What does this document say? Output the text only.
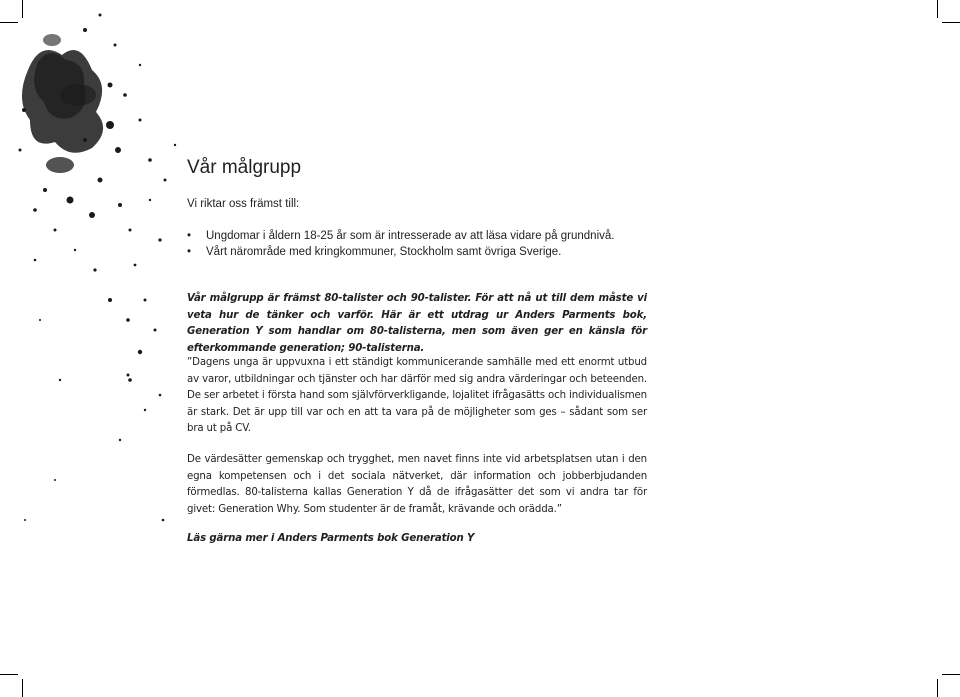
Vår målgrupp
Vi riktar oss främst till:
• Ungdomar i åldern 18-25 år som är intresserade av att läsa vidare på grundnivå.
• Vårt närområde med kringkommuner, Stockholm samt övriga Sverige.
Vår målgrupp är främst 80-talister och 90-talister. För att nå ut till dem måste vi veta hur de tänker och varför. Här är ett utdrag ur Anders Parments bok, Generation Y som handlar om 80-talisterna, men som även ger en känsla för efterkommande generation; 90-talisterna.
”Dagens unga är uppvuxna i ett ständigt kommunicerande samhälle med ett enormt utbud av varor, utbildningar och tjänster och har därför med sig andra värderingar och beteenden. De ser arbetet i första hand som självförverkligande, lojalitet ifrågasätts och individualismen är stark. Det är upp till var och en att ta vara på de möjligheter som ges – sådant som ser bra ut på CV.
De värdesätter gemenskap och trygghet, men navet finns inte vid arbetsplatsen utan i den egna kompetensen och i det sociala nätverket, där information och jobberbjudanden förmedlas. 80-talisterna kallas Generation Y då de ifrågasätter det som vi andra tar för givet: Generation Why. Som studenter är de framåt, krävande och orädda.”
Läs gärna mer i Anders Parments bok Generation Y
